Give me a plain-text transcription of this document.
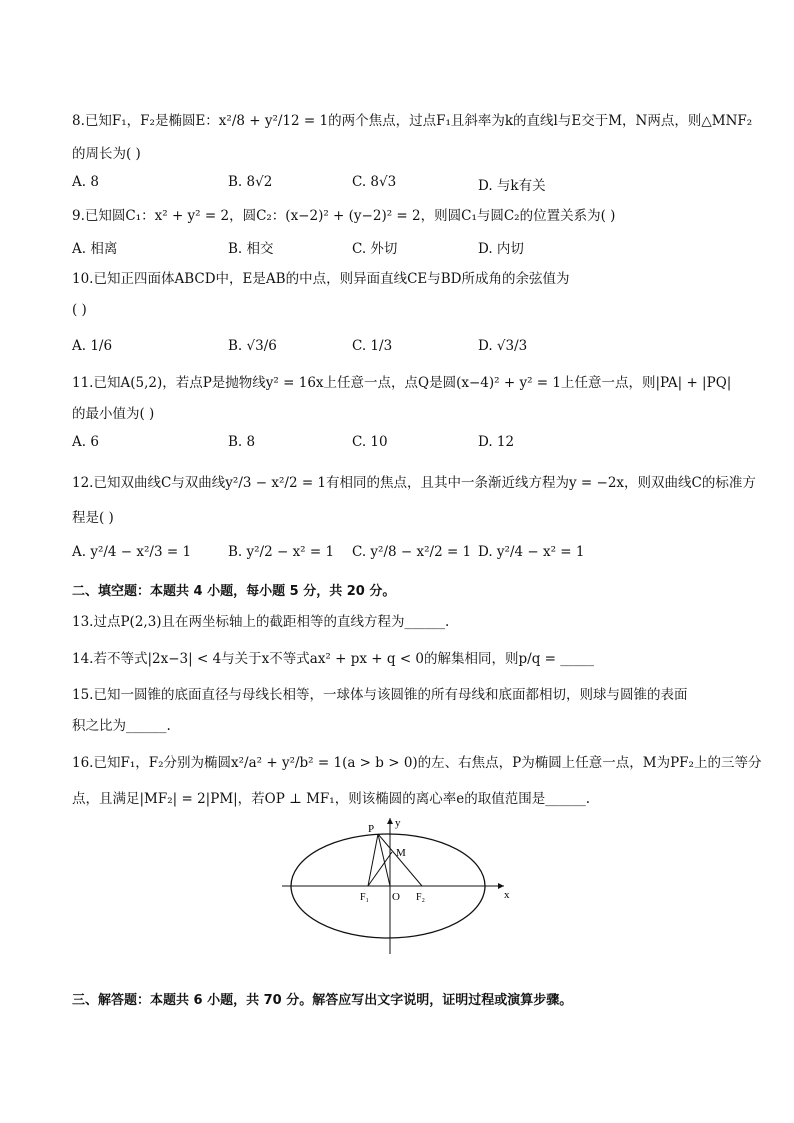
8.已知F₁，F₂是椭圆E：x²/8 + y²/12 = 1的两个焦点，过点F₁且斜率为k的直线l与E交于M，N两点，则△MNF₂
的周长为( )
A. 8	B. 8√2	C. 8√3	D. 与k有关
9.已知圆C₁：x² + y² = 2，圆C₂：(x−2)² + (y−2)² = 2，则圆C₁与圆C₂的位置关系为( )
A. 相离	B. 相交	C. 外切	D. 内切
10.已知正四面体ABCD中，E是AB的中点，则异面直线CE与BD所成角的余弦值为
( )
A. 1/6	B. √3/6	C. 1/3	D. √3/3
11.已知A(5,2)，若点P是抛物线y² = 16x上任意一点，点Q是圆(x−4)² + y² = 1上任意一点，则|PA| + |PQ|
的最小值为( )
A. 6	B. 8	C. 10	D. 12
12.已知双曲线C与双曲线y²/3 − x²/2 = 1有相同的焦点，且其中一条渐近线方程为y = −2x，则双曲线C的标准方
程是( )
A. y²/4 − x²/3 = 1	B. y²/2 − x² = 1 C. y²/8 − x²/2 = 1 D. y²/4 − x² = 1
二、填空题：本题共 4 小题，每小题 5 分，共 20 分。
13.过点P(2,3)且在两坐标轴上的截距相等的直线方程为______.
14.若不等式|2x−3| < 4与关于x不等式ax² + px + q < 0的解集相同，则p/q = _____
15.已知一圆锥的底面直径与母线长相等，一球体与该圆锥的所有母线和底面都相切，则球与圆锥的表面
积之比为______.
16.已知F₁，F₂分别为椭圆x²/a² + y²/b² = 1(a > b > 0)的左、右焦点，P为椭圆上任意一点，M为PF₂上的三等分
点，且满足|MF₂| = 2|PM|，若OP ⊥ MF₁，则该椭圆的离心率e的取值范围是______.
P y
M
F₁ O F₂	x
三、解答题：本题共 6 小题，共 70 分。解答应写出文字说明，证明过程或演算步骤。
